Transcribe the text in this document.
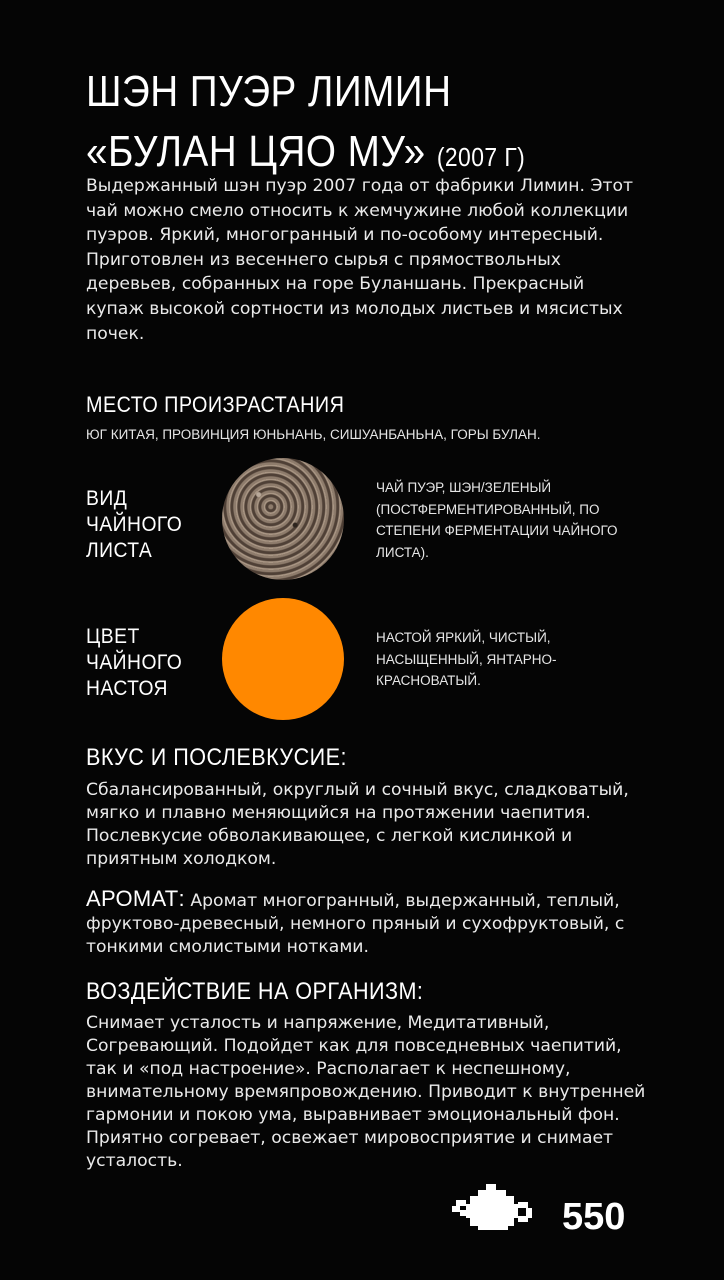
ШЭН ПУЭР ЛИМИН
«БУЛАН ЦЯО МУ» (2007 Г)
Выдержанный шэн пуэр 2007 года от фабрики Лимин. Этот чай можно смело относить к жемчужине любой коллекции пуэров. Яркий, многогранный и по-особому интересный. Приготовлен из весеннего сырья с прямоствольных деревьев, собранных на горе Буланшань. Прекрасный купаж высокой сортности из молодых листьев и мясистых почек.
МЕСТО ПРОИЗРАСТАНИЯ
ЮГ КИТАЯ, ПРОВИНЦИЯ ЮНЬНАНЬ, СИШУАНБАНЬНА, ГОРЫ БУЛАН.
ВИД ЧАЙНОГО ЛИСТА
ЧАЙ ПУЭР, ШЭН/ЗЕЛЕНЫЙ (ПОСТФЕРМЕНТИРОВАННЫЙ, ПО СТЕПЕНИ ФЕРМЕНТАЦИИ ЧАЙНОГО ЛИСТА).
ЦВЕТ ЧАЙНОГО НАСТОЯ
НАСТОЙ ЯРКИЙ, ЧИСТЫЙ, НАСЫЩЕННЫЙ, ЯНТАРНО-КРАСНОВАТЫЙ.
ВКУС И ПОСЛЕВКУСИЕ:
Сбалансированный, округлый и сочный вкус, сладковатый, мягко и плавно меняющийся на протяжении чаепития. Послевкусие обволакивающее, с легкой кислинкой и приятным холодком.
АРОМАТ: Аромат многогранный, выдержанный, теплый, фруктово-древесный, немного пряный и сухофруктовый, с тонкими смолистыми нотками.
ВОЗДЕЙСТВИЕ НА ОРГАНИЗМ:
Снимает усталость и напряжение, Медитативный, Согревающий. Подойдет как для повседневных чаепитий, так и «под настроение». Располагает к неспешному, внимательному времяпровождению. Приводит к внутренней гармонии и покою ума, выравнивает эмоциональный фон. Приятно согревает, освежает мировосприятие и снимает усталость.
550
